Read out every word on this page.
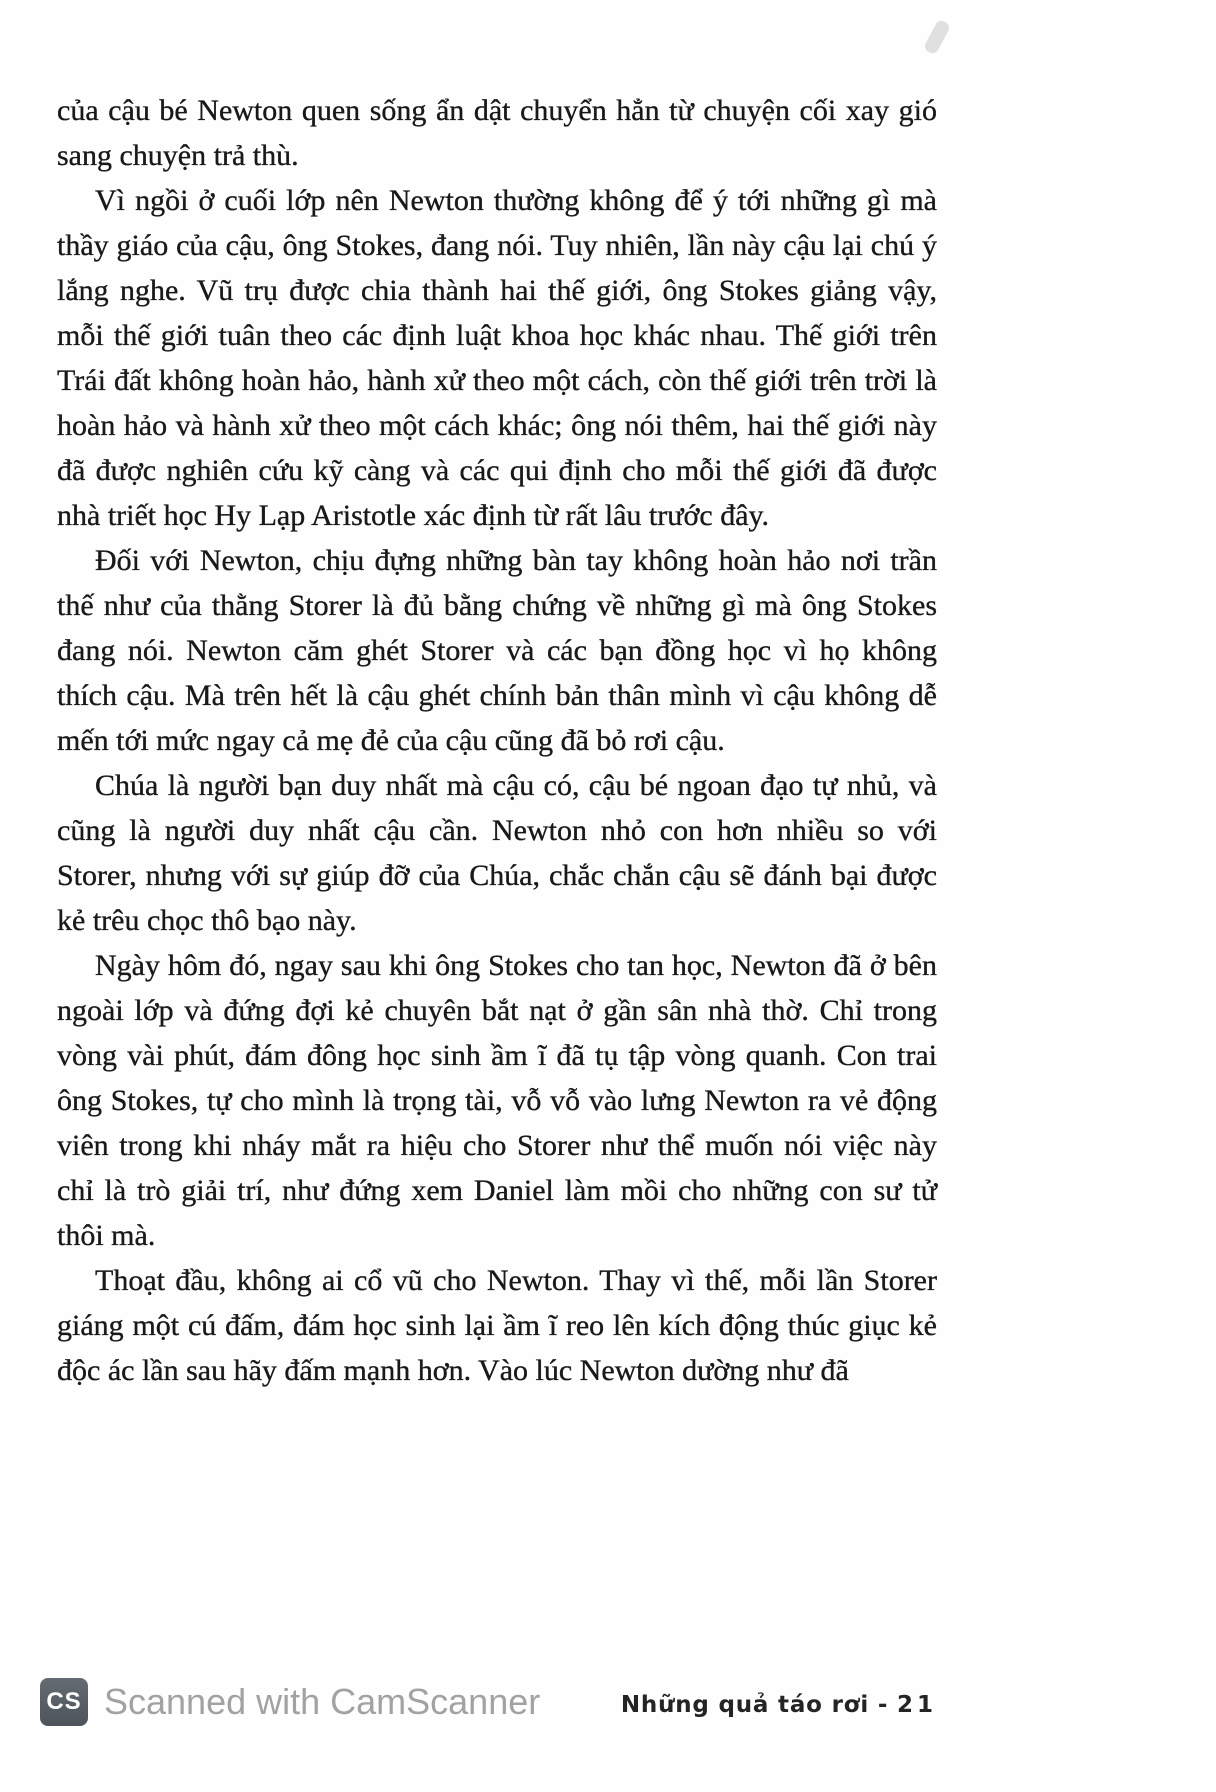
của cậu bé Newton quen sống ẩn dật chuyển hẳn từ chuyện cối xay gió sang chuyện trả thù.

Vì ngồi ở cuối lớp nên Newton thường không để ý tới những gì mà thầy giáo của cậu, ông Stokes, đang nói. Tuy nhiên, lần này cậu lại chú ý lắng nghe. Vũ trụ được chia thành hai thế giới, ông Stokes giảng vậy, mỗi thế giới tuân theo các định luật khoa học khác nhau. Thế giới trên Trái đất không hoàn hảo, hành xử theo một cách, còn thế giới trên trời là hoàn hảo và hành xử theo một cách khác; ông nói thêm, hai thế giới này đã được nghiên cứu kỹ càng và các qui định cho mỗi thế giới đã được nhà triết học Hy Lạp Aristotle xác định từ rất lâu trước đây.

Đối với Newton, chịu đựng những bàn tay không hoàn hảo nơi trần thế như của thằng Storer là đủ bằng chứng về những gì mà ông Stokes đang nói. Newton căm ghét Storer và các bạn đồng học vì họ không thích cậu. Mà trên hết là cậu ghét chính bản thân mình vì cậu không dễ mến tới mức ngay cả mẹ đẻ của cậu cũng đã bỏ rơi cậu.

Chúa là người bạn duy nhất mà cậu có, cậu bé ngoan đạo tự nhủ, và cũng là người duy nhất cậu cần. Newton nhỏ con hơn nhiều so với Storer, nhưng với sự giúp đỡ của Chúa, chắc chắn cậu sẽ đánh bại được kẻ trêu chọc thô bạo này.

Ngày hôm đó, ngay sau khi ông Stokes cho tan học, Newton đã ở bên ngoài lớp và đứng đợi kẻ chuyên bắt nạt ở gần sân nhà thờ. Chỉ trong vòng vài phút, đám đông học sinh ầm ĩ đã tụ tập vòng quanh. Con trai ông Stokes, tự cho mình là trọng tài, vỗ vỗ vào lưng Newton ra vẻ động viên trong khi nháy mắt ra hiệu cho Storer như thể muốn nói việc này chỉ là trò giải trí, như đứng xem Daniel làm mồi cho những con sư tử thôi mà.

Thoạt đầu, không ai cổ vũ cho Newton. Thay vì thế, mỗi lần Storer giáng một cú đấm, đám học sinh lại ầm ĩ reo lên kích động thúc giục kẻ độc ác lần sau hãy đấm mạnh hơn. Vào lúc Newton dường như đã

CS Scanned with CamScanner	Những quả táo rơi - 21
